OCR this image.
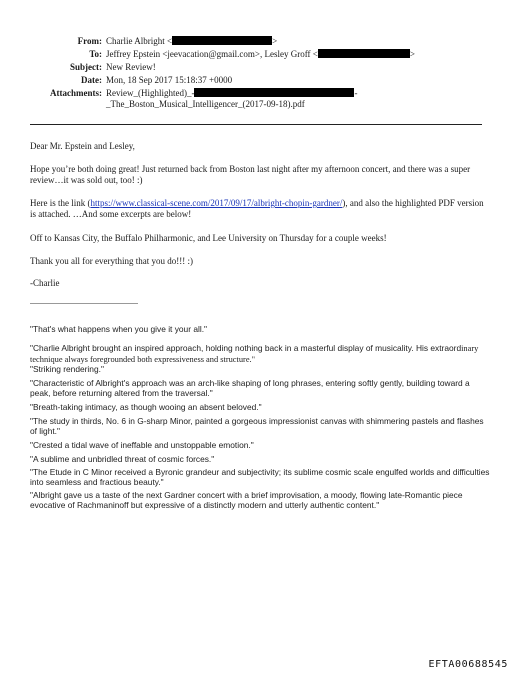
From: Charlie Albright <	>
To: Jeffrey Epstein <jeevacation@gmail.com>, Lesley Groff <	>
Subject: New Review!
Date: Mon, 18 Sep 2017 15:18:37 +0000
Attachments: Review_(Highlighted)_-	-
_The_Boston_Musical_Intelligencer_(2017-09-18).pdf
Dear Mr. Epstein and Lesley,
Hope you’re both doing great! Just returned back from Boston last night after my afternoon concert, and there was a super review…it was sold out, too! :)
Here is the link (https://www.classical-scene.com/2017/09/17/albright-chopin-gardner/), and also the highlighted PDF version is attached. …And some excerpts are below!
Off to Kansas City, the Buffalo Philharmonic, and Lee University on Thursday for a couple weeks!
Thank you all for everything that you do!!! :)
-Charlie
"That's what happens when you give it your all."
"Charlie Albright brought an inspired approach, holding nothing back in a masterful display of musicality. His extraordinary technique always foregrounded both expressiveness and structure."
"Striking rendering."
"Characteristic of Albright's approach was an arch-like shaping of long phrases, entering softly gently, building toward a peak, before returning altered from the traversal."
"Breath-taking intimacy, as though wooing an absent beloved."
"The study in thirds, No. 6 in G-sharp Minor, painted a gorgeous impressionist canvas with shimmering pastels and flashes of light."
"Crested a tidal wave of ineffable and unstoppable emotion."
"A sublime and unbridled threat of cosmic forces."
"The Etude in C Minor received a Byronic grandeur and subjectivity; its sublime cosmic scale engulfed worlds and difficulties into seamless and fractious beauty."
"Albright gave us a taste of the next Gardner concert with a brief improvisation, a moody, flowing late-Romantic piece evocative of Rachmaninoff but expressive of a distinctly modern and utterly authentic content."
EFTA00688545
